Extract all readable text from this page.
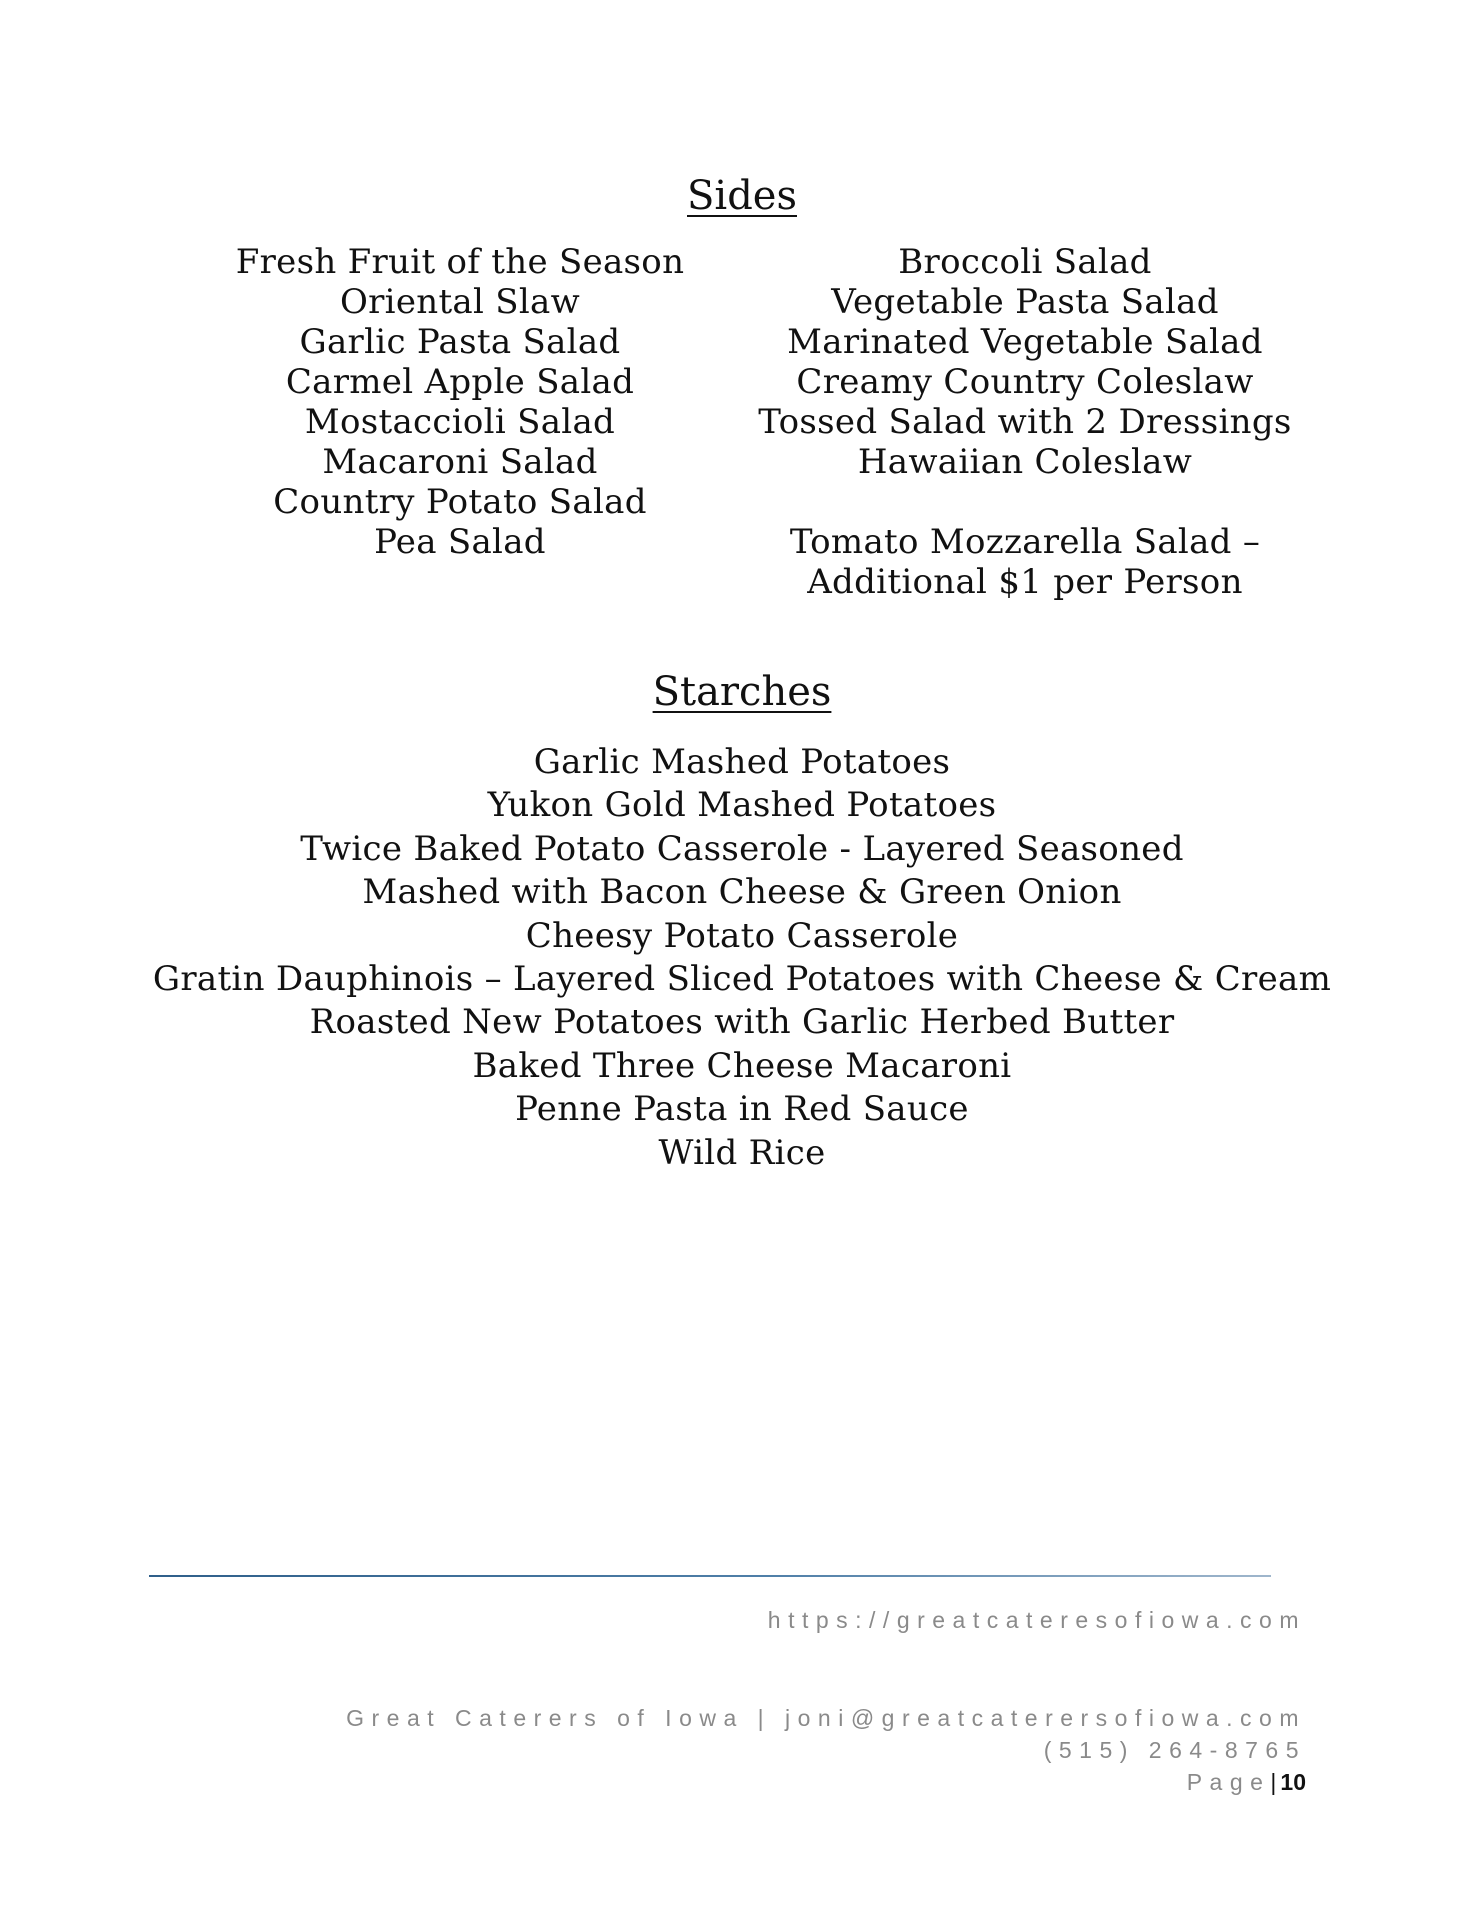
Sides
Fresh Fruit of the Season
Oriental Slaw
Garlic Pasta Salad
Carmel Apple Salad
Mostaccioli Salad
Macaroni Salad
Country Potato Salad
Pea Salad
Broccoli Salad
Vegetable Pasta Salad
Marinated Vegetable Salad
Creamy Country Coleslaw
Tossed Salad with 2 Dressings
Hawaiian Coleslaw
Tomato Mozzarella Salad –
Additional $1 per Person
Starches
Garlic Mashed Potatoes
Yukon Gold Mashed Potatoes
Twice Baked Potato Casserole - Layered Seasoned
Mashed with Bacon Cheese & Green Onion
Cheesy Potato Casserole
Gratin Dauphinois – Layered Sliced Potatoes with Cheese & Cream
Roasted New Potatoes with Garlic Herbed Butter
Baked Three Cheese Macaroni
Penne Pasta in Red Sauce
Wild Rice
https://greatcateresofiowa.com
Great Caterers of Iowa | joni@greatcaterersofiowa.com
(515) 264-8765
Page| 10
